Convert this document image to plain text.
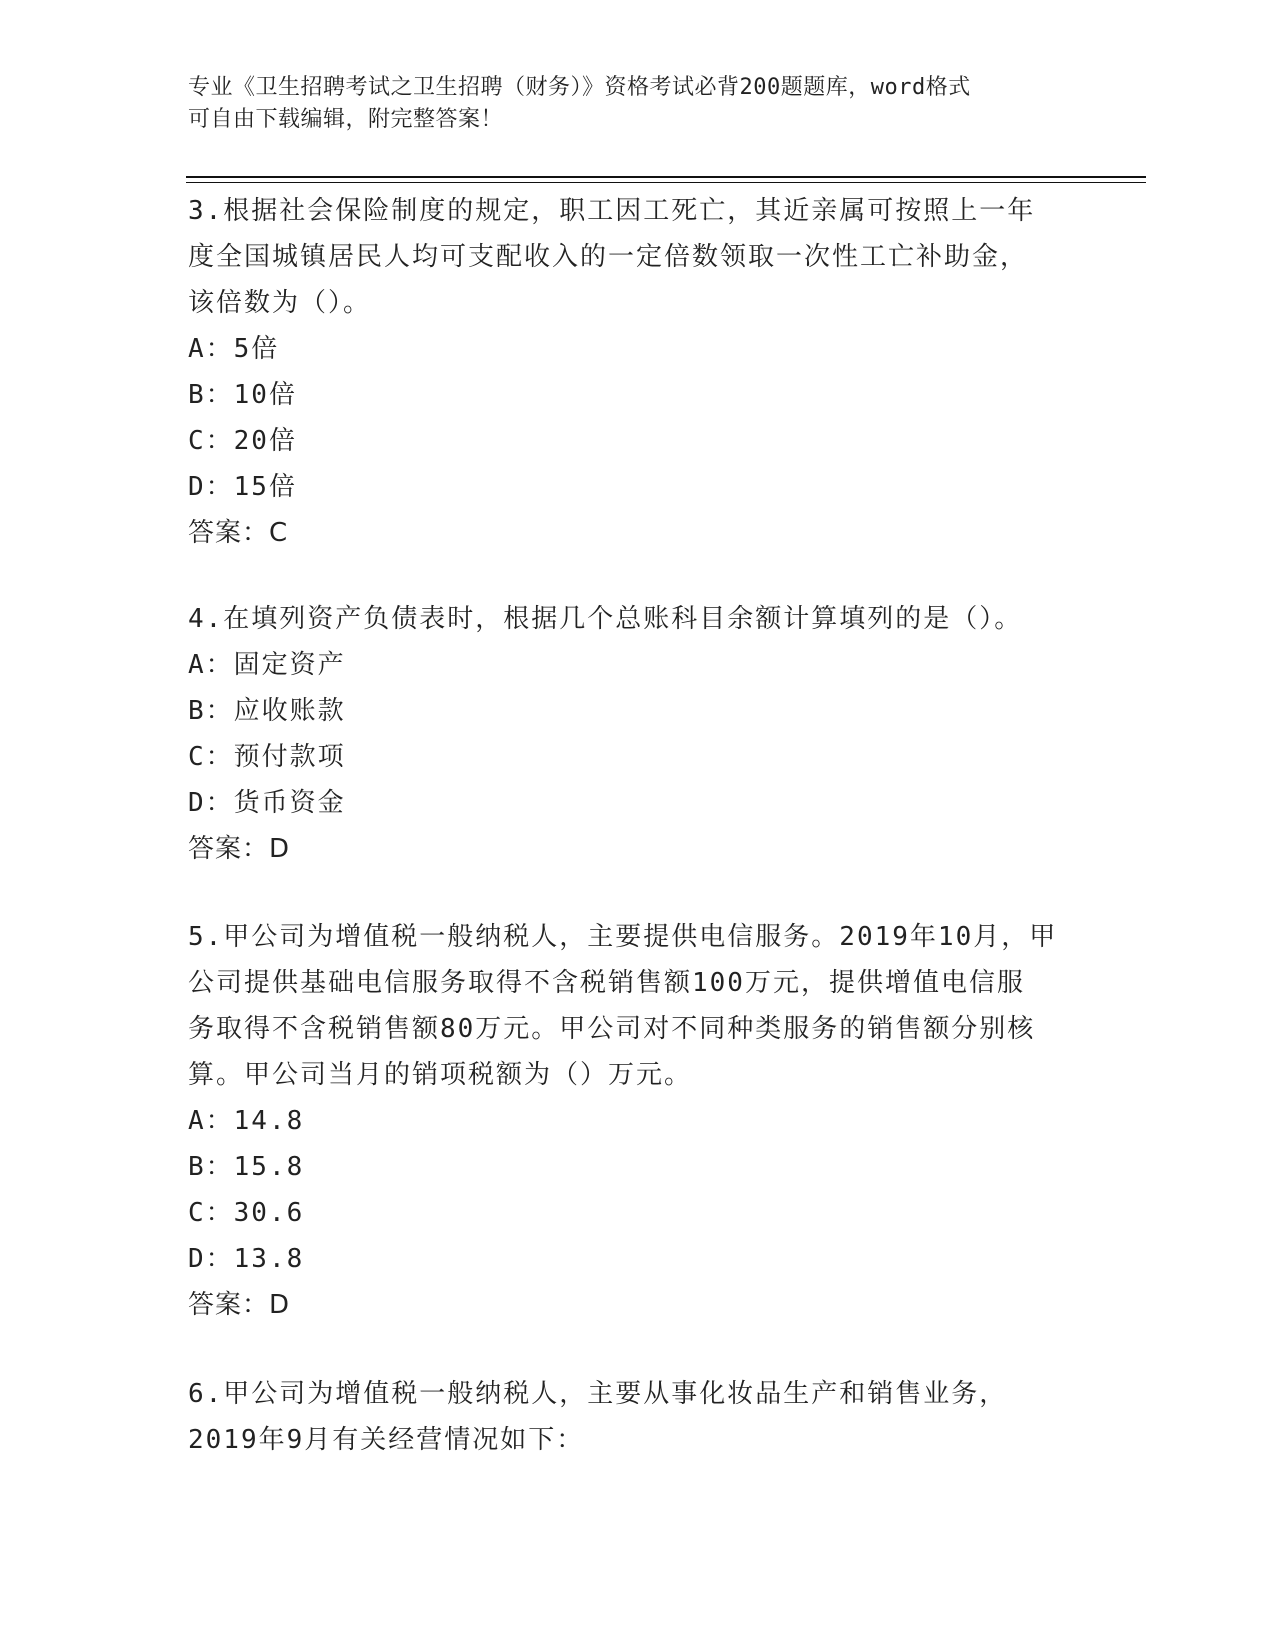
专业《卫生招聘考试之卫生招聘（财务）》资格考试必背200题题库，word格式
可自由下载编辑，附完整答案！
3.根据社会保险制度的规定，职工因工死亡，其近亲属可按照上一年
度全国城镇居民人均可支配收入的一定倍数领取一次性工亡补助金，
该倍数为（）。
A：5倍
B：10倍
C：20倍
D：15倍
答案：C
4.在填列资产负债表时，根据几个总账科目余额计算填列的是（）。
A：固定资产
B：应收账款
C：预付款项
D：货币资金
答案：D
5.甲公司为增值税一般纳税人，主要提供电信服务。2019年10月，甲
公司提供基础电信服务取得不含税销售额100万元，提供增值电信服
务取得不含税销售额80万元。甲公司对不同种类服务的销售额分别核
算。甲公司当月的销项税额为（）万元。
A：14.8
B：15.8
C：30.6
D：13.8
答案：D
6.甲公司为增值税一般纳税人，主要从事化妆品生产和销售业务，
2019年9月有关经营情况如下：
